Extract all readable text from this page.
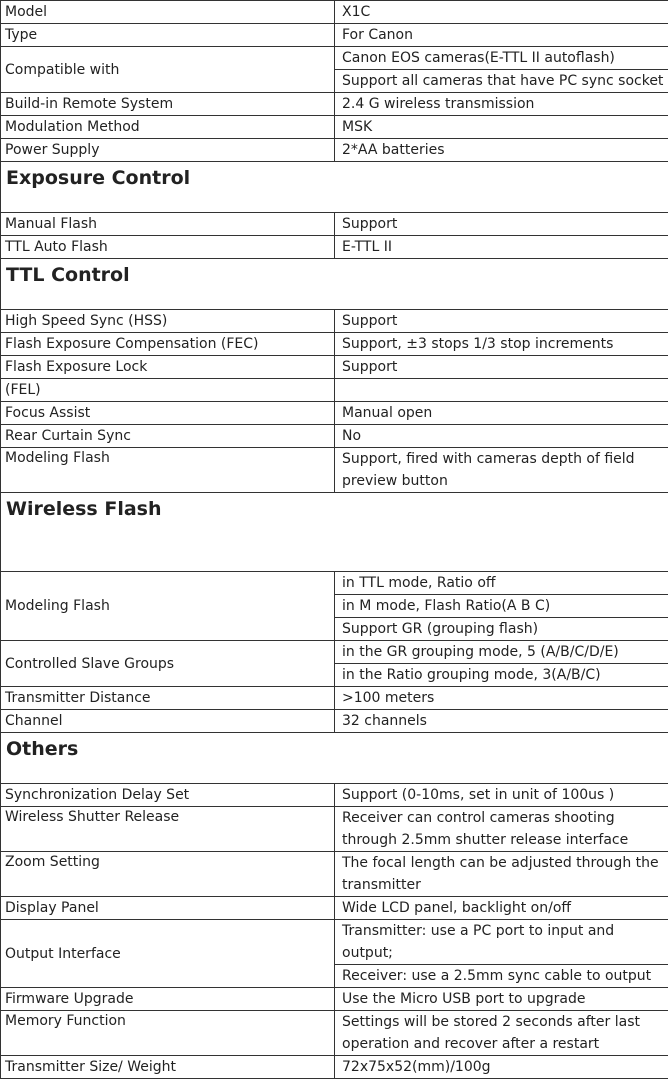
Model	X1C
Type	For Canon
Compatible with	Canon EOS cameras(E-TTL II autoflash)
	Support all cameras that have PC sync socket
Build-in Remote System	2.4 G wireless transmission
Modulation Method	MSK
Power Supply	2*AA batteries
Exposure Control	
Manual Flash	Support
TTL Auto Flash	E-TTL II
TTL Control	
High Speed Sync (HSS)	Support
Flash Exposure Compensation (FEC)	Support, ±3 stops 1/3 stop increments
Flash Exposure Lock	Support
(FEL)	
Focus Assist	Manual open
Rear Curtain Sync	No
Modeling Flash	Support, fired with cameras depth of field preview button
Wireless Flash	
Modeling Flash	in TTL mode, Ratio off
	in M mode, Flash Ratio(A B C)
	Support GR (grouping flash)
Controlled Slave Groups	in the GR grouping mode, 5 (A/B/C/D/E)
	in the Ratio grouping mode, 3(A/B/C)
Transmitter Distance	>100 meters
Channel	32 channels
Others	
Synchronization Delay Set	Support (0-10ms, set in unit of 100us )
Wireless Shutter Release	Receiver can control cameras shooting through 2.5mm shutter release interface
Zoom Setting	The focal length can be adjusted through the transmitter
Display Panel	Wide LCD panel, backlight on/off
Output Interface	Transmitter: use a PC port to input and output;
	Receiver: use a 2.5mm sync cable to output
Firmware Upgrade	Use the Micro USB port to upgrade
Memory Function	Settings will be stored 2 seconds after last operation and recover after a restart
Transmitter Size/ Weight	72x75x52(mm)/100g
